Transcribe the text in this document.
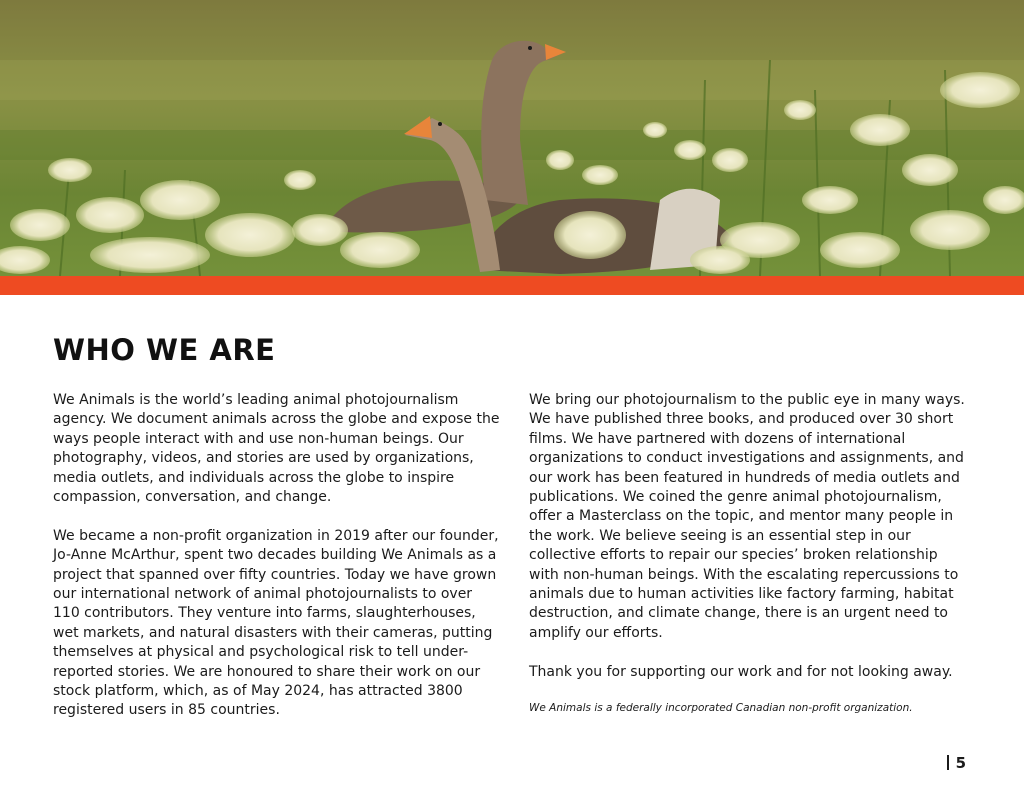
WHO WE ARE

We Animals is the world’s leading animal photojournalism agency. We document animals across the globe and expose the ways people interact with and use non-human beings. Our photography, videos, and stories are used by organizations, media outlets, and individuals across the globe to inspire compassion, conversation, and change.

We became a non-profit organization in 2019 after our founder, Jo-Anne McArthur, spent two decades building We Animals as a project that spanned over fifty countries. Today we have grown our international network of animal photojournalists to over 110 contributors. They venture into farms, slaughterhouses, wet markets, and natural disasters with their cameras, putting themselves at physical and psychological risk to tell under-reported stories. We are honoured to share their work on our stock platform, which, as of May 2024, has attracted 3800 registered users in 85 countries.

We bring our photojournalism to the public eye in many ways. We have published three books, and produced over 30 short films. We have partnered with dozens of international organizations to conduct investigations and assignments, and our work has been featured in hundreds of media outlets and publications. We coined the genre animal photojournalism, offer a Masterclass on the topic, and mentor many people in the work. We believe seeing is an essential step in our collective efforts to repair our species’ broken relationship with non-human beings. With the escalating repercussions to animals due to human activities like factory farming, habitat destruction, and climate change, there is an urgent need to amplify our efforts.

Thank you for supporting our work and for not looking away.

We Animals is a federally incorporated Canadian non-profit organization.
5
